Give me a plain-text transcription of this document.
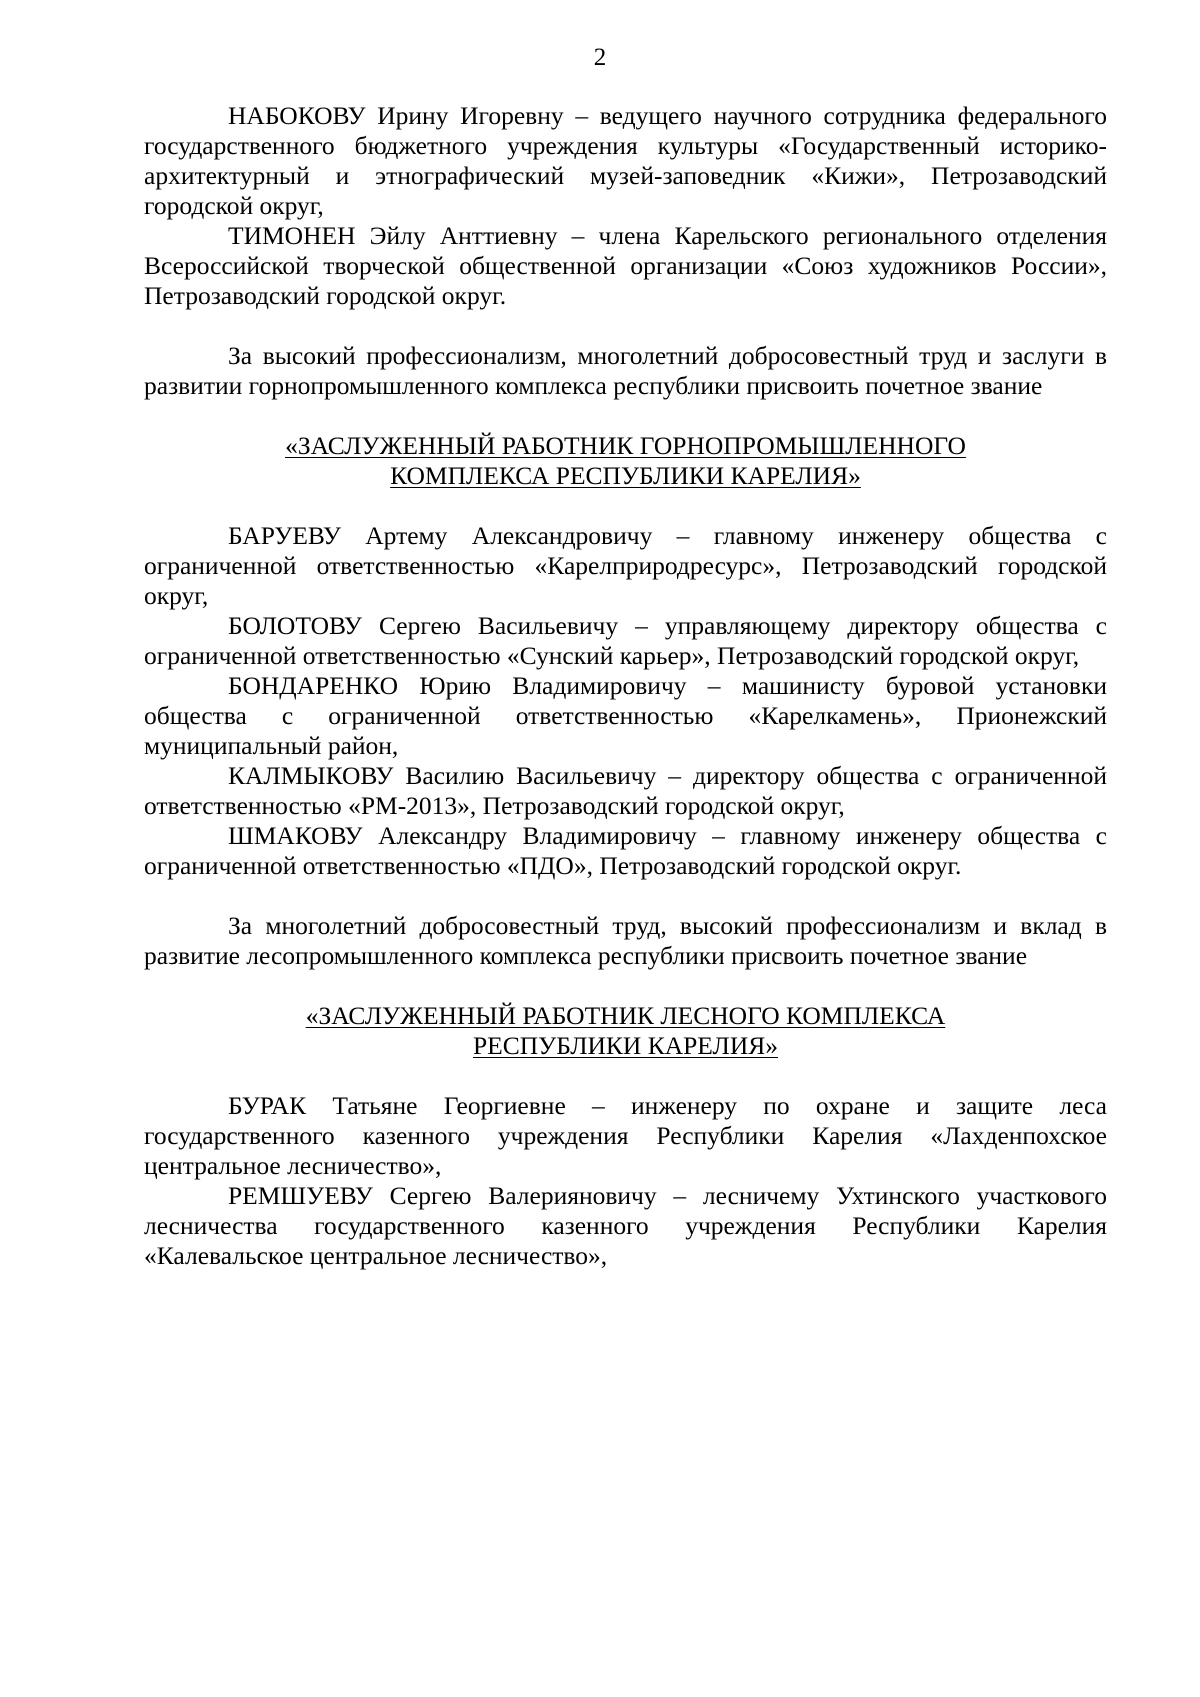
2

НАБОКОВУ Ирину Игоревну – ведущего научного сотрудника федерального государственного бюджетного учреждения культуры «Государственный историко-архитектурный и этнографический музей-заповедник «Кижи», Петрозаводский городской округ,

ТИМОНЕН Эйлу Анттиевну – члена Карельского регионального отделения Всероссийской творческой общественной организации «Союз художников России», Петрозаводский городской округ.

За высокий профессионализм, многолетний добросовестный труд и заслуги в развитии горнопромышленного комплекса республики присвоить почетное звание

«ЗАСЛУЖЕННЫЙ РАБОТНИК ГОРНОПРОМЫШЛЕННОГО
КОМПЛЕКСА РЕСПУБЛИКИ КАРЕЛИЯ»

БАРУЕВУ Артему Александровичу – главному инженеру общества с ограниченной ответственностью «Карелприродресурс», Петрозаводский городской округ,

БОЛОТОВУ Сергею Васильевичу – управляющему директору общества с ограниченной ответственностью «Сунский карьер», Петрозаводский городской округ,

БОНДАРЕНКО Юрию Владимировичу – машинисту буровой установки общества с ограниченной ответственностью «Карелкамень», Прионежский муниципальный район,

КАЛМЫКОВУ Василию Васильевичу – директору общества с ограниченной ответственностью «РМ-2013», Петрозаводский городской округ,

ШМАКОВУ Александру Владимировичу – главному инженеру общества с ограниченной ответственностью «ПДО», Петрозаводский городской округ.

За многолетний добросовестный труд, высокий профессионализм и вклад в развитие лесопромышленного комплекса республики присвоить почетное звание

«ЗАСЛУЖЕННЫЙ РАБОТНИК ЛЕСНОГО КОМПЛЕКСА
РЕСПУБЛИКИ КАРЕЛИЯ»

БУРАК Татьяне Георгиевне – инженеру по охране и защите леса государственного казенного учреждения Республики Карелия «Лахденпохское центральное лесничество»,

РЕМШУЕВУ Сергею Валерияновичу – лесничему Ухтинского участкового лесничества государственного казенного учреждения Республики Карелия «Калевальское центральное лесничество»,
